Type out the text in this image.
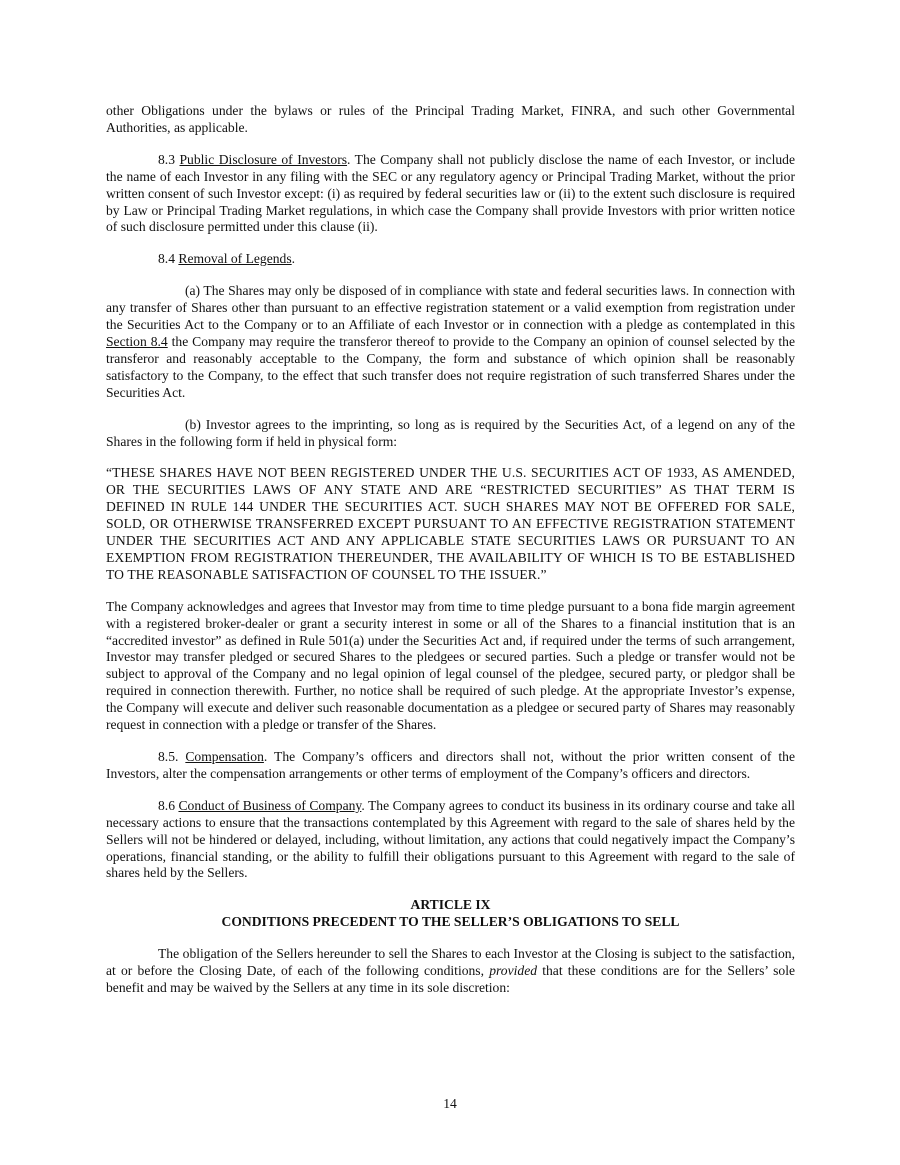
other Obligations under the bylaws or rules of the Principal Trading Market, FINRA, and such other Governmental Authorities, as applicable.

8.3 Public Disclosure of Investors. The Company shall not publicly disclose the name of each Investor, or include the name of each Investor in any filing with the SEC or any regulatory agency or Principal Trading Market, without the prior written consent of such Investor except: (i) as required by federal securities law or (ii) to the extent such disclosure is required by Law or Principal Trading Market regulations, in which case the Company shall provide Investors with prior written notice of such disclosure permitted under this clause (ii).

8.4 Removal of Legends.

(a) The Shares may only be disposed of in compliance with state and federal securities laws. In connection with any transfer of Shares other than pursuant to an effective registration statement or a valid exemption from registration under the Securities Act to the Company or to an Affiliate of each Investor or in connection with a pledge as contemplated in this Section 8.4 the Company may require the transferor thereof to provide to the Company an opinion of counsel selected by the transferor and reasonably acceptable to the Company, the form and substance of which opinion shall be reasonably satisfactory to the Company, to the effect that such transfer does not require registration of such transferred Shares under the Securities Act.

(b) Investor agrees to the imprinting, so long as is required by the Securities Act, of a legend on any of the Shares in the following form if held in physical form:

“THESE SHARES HAVE NOT BEEN REGISTERED UNDER THE U.S. SECURITIES ACT OF 1933, AS AMENDED, OR THE SECURITIES LAWS OF ANY STATE AND ARE “RESTRICTED SECURITIES” AS THAT TERM IS DEFINED IN RULE 144 UNDER THE SECURITIES ACT. SUCH SHARES MAY NOT BE OFFERED FOR SALE, SOLD, OR OTHERWISE TRANSFERRED EXCEPT PURSUANT TO AN EFFECTIVE REGISTRATION STATEMENT UNDER THE SECURITIES ACT AND ANY APPLICABLE STATE SECURITIES LAWS OR PURSUANT TO AN EXEMPTION FROM REGISTRATION THEREUNDER, THE AVAILABILITY OF WHICH IS TO BE ESTABLISHED TO THE REASONABLE SATISFACTION OF COUNSEL TO THE ISSUER.”

The Company acknowledges and agrees that Investor may from time to time pledge pursuant to a bona fide margin agreement with a registered broker-dealer or grant a security interest in some or all of the Shares to a financial institution that is an “accredited investor” as defined in Rule 501(a) under the Securities Act and, if required under the terms of such arrangement, Investor may transfer pledged or secured Shares to the pledgees or secured parties. Such a pledge or transfer would not be subject to approval of the Company and no legal opinion of legal counsel of the pledgee, secured party, or pledgor shall be required in connection therewith. Further, no notice shall be required of such pledge. At the appropriate Investor’s expense, the Company will execute and deliver such reasonable documentation as a pledgee or secured party of Shares may reasonably request in connection with a pledge or transfer of the Shares.

8.5. Compensation. The Company’s officers and directors shall not, without the prior written consent of the Investors, alter the compensation arrangements or other terms of employment of the Company’s officers and directors.

8.6 Conduct of Business of Company. The Company agrees to conduct its business in its ordinary course and take all necessary actions to ensure that the transactions contemplated by this Agreement with regard to the sale of shares held by the Sellers will not be hindered or delayed, including, without limitation, any actions that could negatively impact the Company’s operations, financial standing, or the ability to fulfill their obligations pursuant to this Agreement with regard to the sale of shares held by the Sellers.

ARTICLE IX
CONDITIONS PRECEDENT TO THE SELLER’S OBLIGATIONS TO SELL

The obligation of the Sellers hereunder to sell the Shares to each Investor at the Closing is subject to the satisfaction, at or before the Closing Date, of each of the following conditions, provided that these conditions are for the Sellers’ sole benefit and may be waived by the Sellers at any time in its sole discretion:

14
